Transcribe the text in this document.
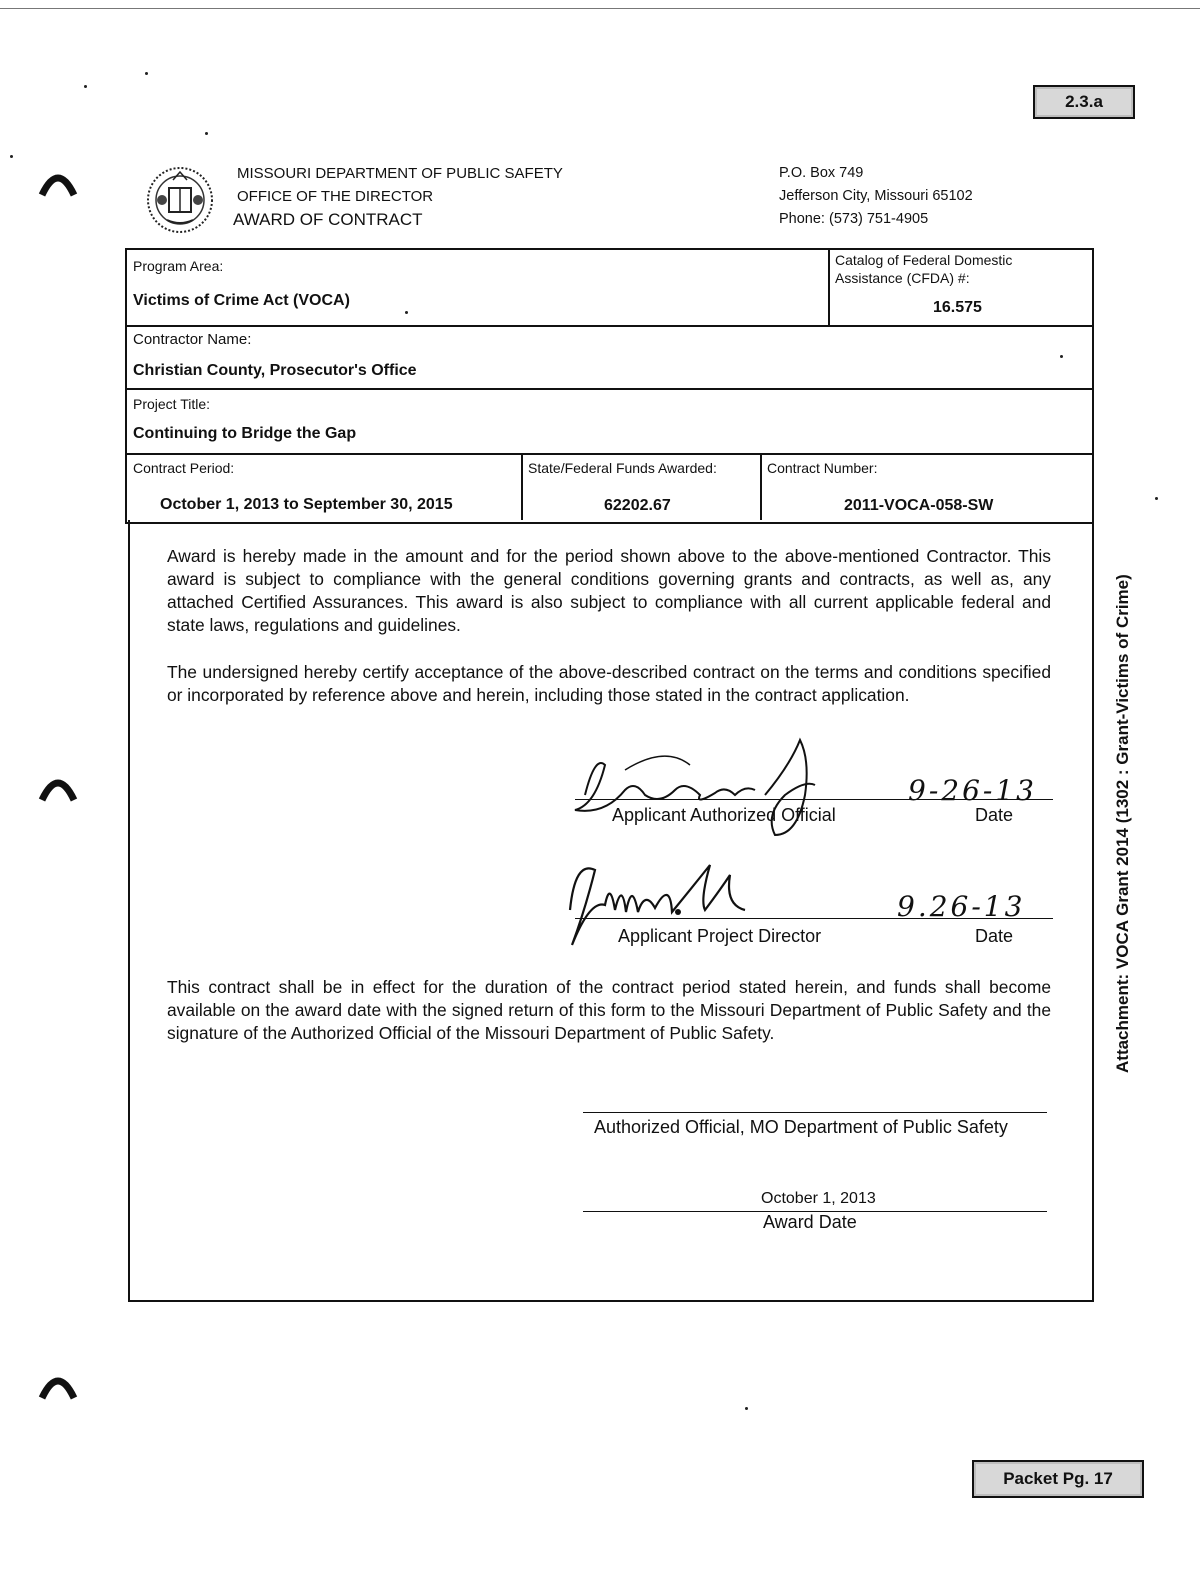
2.3.a
MISSOURI DEPARTMENT OF PUBLIC SAFETY
OFFICE OF THE DIRECTOR
AWARD OF CONTRACT
P.O. Box 749
Jefferson City, Missouri 65102
Phone: (573) 751-4905
Program Area:
Victims of Crime Act (VOCA)
Catalog of Federal Domestic
Assistance (CFDA) #:
16.575
Contractor Name:
Christian County, Prosecutor's Office
Project Title:
Continuing to Bridge the Gap
Contract Period:
October 1, 2013 to September 30, 2015
State/Federal Funds Awarded:
62202.67
Contract Number:
2011-VOCA-058-SW
Award is hereby made in the amount and for the period shown above to the above-mentioned Contractor. This award is subject to compliance with the general conditions governing grants and contracts, as well as, any attached Certified Assurances. This award is also subject to compliance with all current applicable federal and state laws, regulations and guidelines.
The undersigned hereby certify acceptance of the above-described contract on the terms and conditions specified or incorporated by reference above and herein, including those stated in the contract application.
9-26-13
Applicant Authorized Official	Date
9.26-13
Applicant Project Director	Date
This contract shall be in effect for the duration of the contract period stated herein, and funds shall become available on the award date with the signed return of this form to the Missouri Department of Public Safety and the signature of the Authorized Official of the Missouri Department of Public Safety.
Authorized Official, MO Department of Public Safety
October 1, 2013
Award Date
Attachment: VOCA Grant 2014 (1302 : Grant-Victims of Crime)
Packet Pg. 17
